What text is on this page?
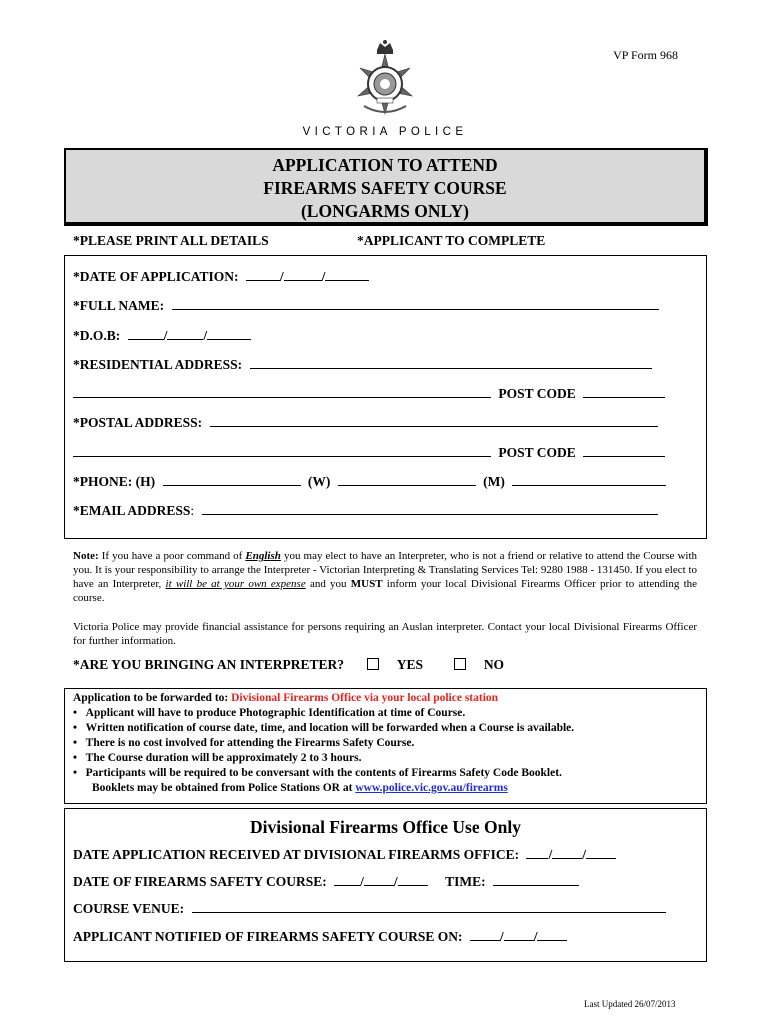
VP Form 968
VICTORIA POLICE
APPLICATION TO ATTEND
FIREARMS SAFETY COURSE
(LONGARMS ONLY)
*PLEASE PRINT ALL DETAILS	*APPLICANT TO COMPLETE
*DATE OF APPLICATION:	/	/
*FULL NAME:
*D.O.B:	/	/
*RESIDENTIAL ADDRESS:
POST CODE
*POSTAL ADDRESS:
POST CODE
*PHONE: (H)	(W)	(M)
*EMAIL ADDRESS:
Note: If you have a poor command of English you may elect to have an Interpreter, who is not a friend or relative to attend the Course with you. It is your responsibility to arrange the Interpreter - Victorian Interpreting & Translating Services Tel: 9280 1988 - 131450. If you elect to have an Interpreter, it will be at your own expense and you MUST inform your local Divisional Firearms Officer prior to attending the course.
Victoria Police may provide financial assistance for persons requiring an Auslan interpreter. Contact your local Divisional Firearms Officer for further information.
*ARE YOU BRINGING AN INTERPRETER?	YES	NO
Application to be forwarded to: Divisional Firearms Office via your local police station
•   Applicant will have to produce Photographic Identification at time of Course.
•   Written notification of course date, time, and location will be forwarded when a Course is available.
•   There is no cost involved for attending the Firearms Safety Course.
•   The Course duration will be approximately 2 to 3 hours.
•   Participants will be required to be conversant with the contents of Firearms Safety Code Booklet.
Booklets may be obtained from Police Stations OR at www.police.vic.gov.au/firearms
Divisional Firearms Office Use Only
DATE APPLICATION RECEIVED AT DIVISIONAL FIREARMS OFFICE: / /
DATE OF FIREARMS SAFETY COURSE: / /	TIME:
COURSE VENUE:
APPLICANT NOTIFIED OF FIREARMS SAFETY COURSE ON:	/ /
Last Updated 26/07/2013
